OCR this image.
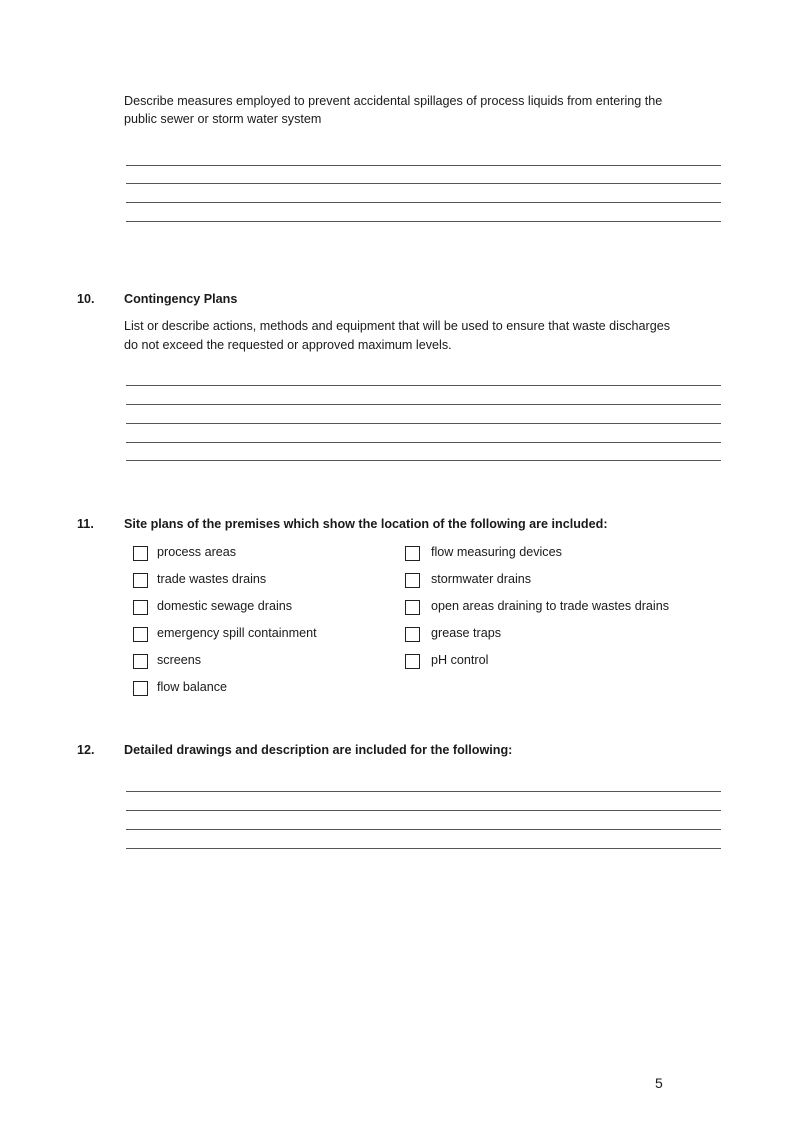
Describe measures employed to prevent accidental spillages of process liquids from entering the
public sewer or storm water system
10. Contingency Plans
List or describe actions, methods and equipment that will be used to ensure that waste discharges
do not exceed the requested or approved maximum levels.
11. Site plans of the premises which show the location of the following are included:
process areas
trade wastes drains
domestic sewage drains
emergency spill containment
screens
flow balance
flow measuring devices
stormwater drains
open areas draining to trade wastes drains
grease traps
pH control
12. Detailed drawings and description are included for the following:
5
